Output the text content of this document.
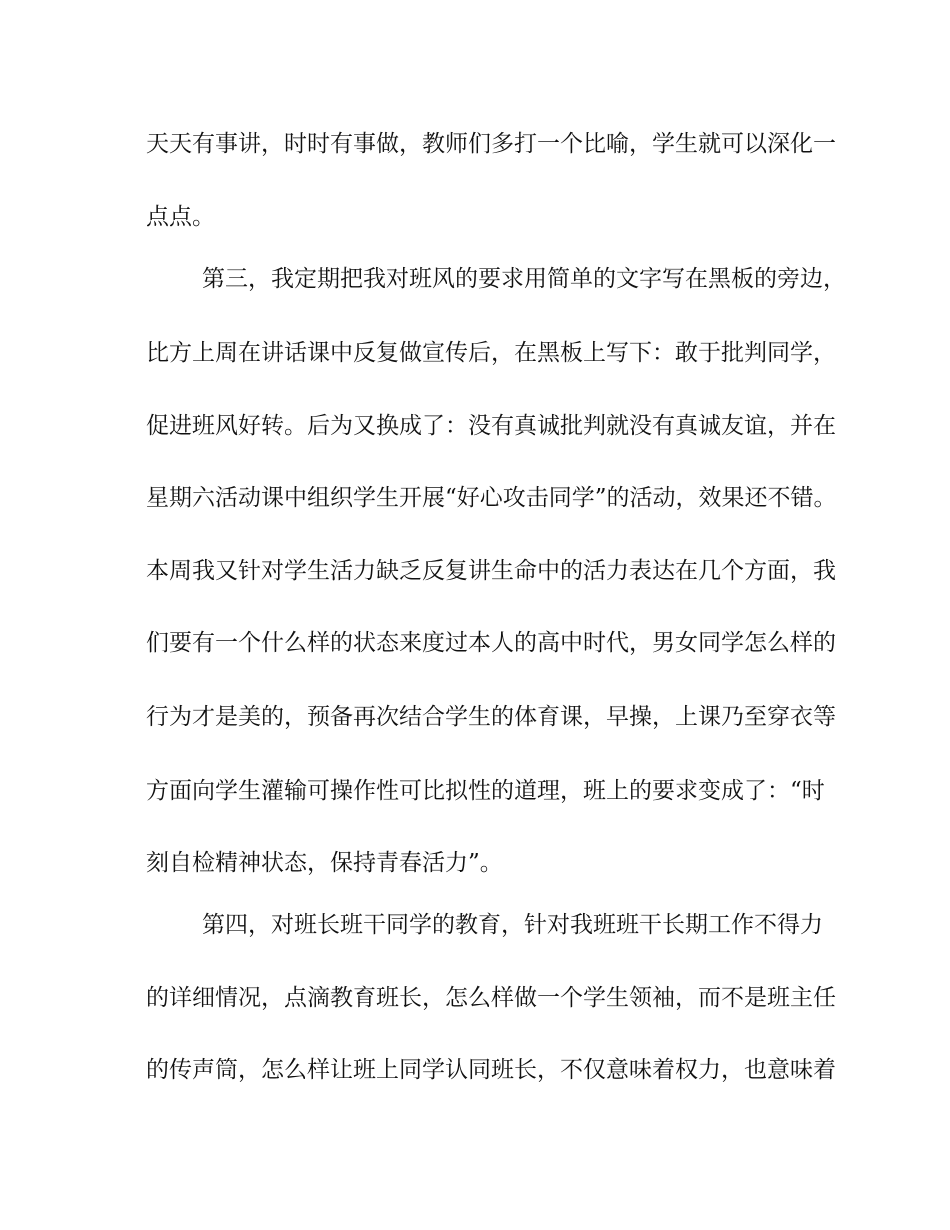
天天有事讲，时时有事做，教师们多打一个比喻，学生就可以深化一
点点。
第三，我定期把我对班风的要求用简单的文字写在黑板的旁边，
比方上周在讲话课中反复做宣传后，在黑板上写下：敢于批判同学，
促进班风好转。后为又换成了：没有真诚批判就没有真诚友谊，并在
星期六活动课中组织学生开展“好心攻击同学”的活动，效果还不错。
本周我又针对学生活力缺乏反复讲生命中的活力表达在几个方面，我
们要有一个什么样的状态来度过本人的高中时代，男女同学怎么样的
行为才是美的，预备再次结合学生的体育课，早操，上课乃至穿衣等
方面向学生灌输可操作性可比拟性的道理，班上的要求变成了：“时
刻自检精神状态，保持青春活力”。
第四，对班长班干同学的教育，针对我班班干长期工作不得力
的详细情况，点滴教育班长，怎么样做一个学生领袖，而不是班主任
的传声筒，怎么样让班上同学认同班长，不仅意味着权力，也意味着
